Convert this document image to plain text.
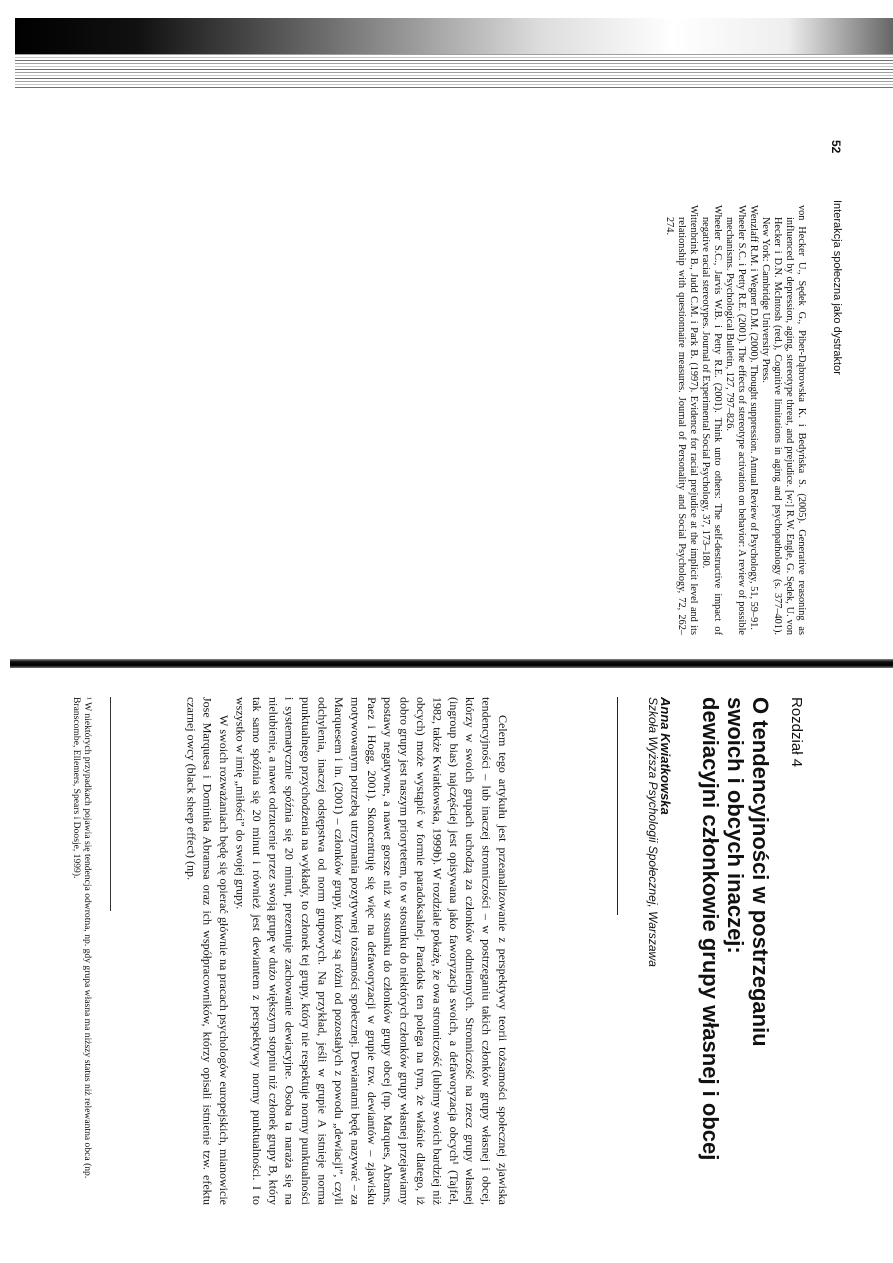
52
Interakcja społeczna jako dystraktor
von Hecker U., Sędek G., Piber-Dąbrowska K. i Bedyńska S. (2005). Generative reasoning as influenced by depression, aging, stereotype threat, and prejudice. [w:] R.W. Engle, G. Sędek, U. von Hecker i D.N. McIntosh (red.), Cognitive limitations in aging and psychopathology (s. 377–401). New York: Cambridge University Press.
Wenzlaff R.M. i Wegner D.M. (2000). Thought suppression. Annual Review of Psychology, 51, 59–91.
Wheeler S.C. i Petty R.E. (2001). The effects of stereotype activation on behavior: A review of possible mechanisms. Psychological Bulletin, 127, 797–826.
Wheeler S.C., Jarvis W.B. i Petty R.E. (2001). Think unto others: The self-destructive impact of negative racial stereotypes. Journal of Experimental Social Psychology, 37, 173–180.
Wittenbrink B., Judd C.M. i Park B. (1997). Evidence for racial prejudice at the implicit level and its relationship with questionnaire measures. Journal of Personality and Social Psychology, 72, 262–274.
Rozdział 4
O tendencyjności w postrzeganiu
swoich i obcych inaczej:
dewiacyjni członkowie grupy własnej i obcej
Anna Kwiatkowska
Szkoła Wyższa Psychologii Społecznej, Warszawa

Celem tego artykułu jest przeanalizowanie z perspektywy teorii tożsamości społecznej zjawiska tendencyjności – lub inaczej stronniczości – w postrzeganiu takich członków grupy własnej i obcej, którzy w swoich grupach uchodzą za członków odmiennych. Stronniczość na rzecz grupy własnej (ingroup bias) najczęściej jest opisywana jako faworyzacja swoich, a defaworyzacja obcych¹ (Tajfel, 1982, także Kwiatkowska, 1999b). W rozdziale pokażę, że owa stronniczość (lubimy swoich bardziej niż obcych) może wystąpić w formie paradoksalnej. Paradoks ten polega na tym, że właśnie dlatego, iż dobro grupy jest naszym priorytetem, to w stosunku do niektórych członków grupy własnej przejawiamy postawy negatywne, a nawet gorsze niż w stosunku do członków grupy obcej (np. Marques, Abrams, Paez i Hogg, 2001). Skoncentruję się więc na defaworyzacji w grupie tzw. dewiantów – zjawisku motywowanym potrzebą utrzymania pozytywnej tożsamości społecznej. Dewiantami będę nazywać – za Marquesem i in. (2001) – członków grupy, którzy są różni od pozostałych z powodu „dewiacji”, czyli odchylenia, inaczej odstępstwa od norm grupowych. Na przykład, jeśli w grupie A istnieje norma punktualnego przychodzenia na wykłady, to członek tej grupy, który nie respektuje normy punktualności i systematycznie spóźnia się 20 minut, prezentuje zachowanie dewiacyjne. Osoba ta naraża się na nielubienie, a nawet odrzucenie przez swoją grupę w dużo większym stopniu niż członek grupy B, który tak samo spóźnia się 20 minut i również jest dewiantem z perspektywy normy punktualności. I to wszystko w imię „miłości” do swojej grupy.

W swoich rozważaniach będę się opierać głównie na pracach psychologów europejskich, mianowicie Jose Marquesa i Dominika Abramsa oraz ich współpracowników, którzy opisali istnienie tzw. efektu czarnej owcy (black sheep effect) (np.

¹ W niektórych przypadkach pojawia się tendencja odwrotna, np. gdy grupa własna ma niższy status niż relewantna obca (np. Branscombe, Ellemers, Spears i Doosje, 1999).
